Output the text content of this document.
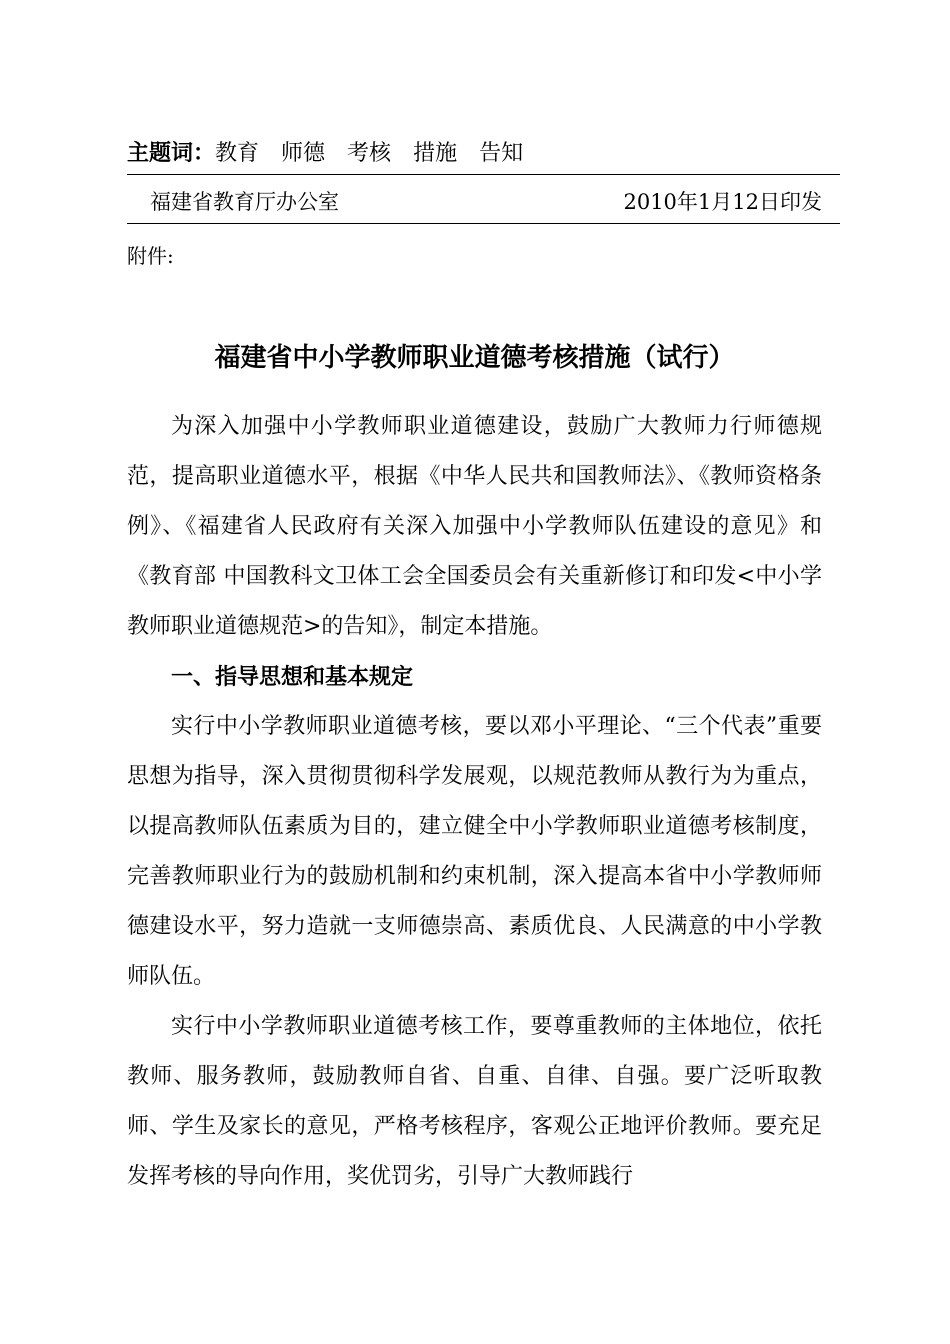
主题词：教育 师德 考核 措施 告知
福建省教育厅办公室	2010年1月12日印发
附件:
福建省中小学教师职业道德考核措施（试行）

为深入加强中小学教师职业道德建设，鼓励广大教师力行师德规范，提高职业道德水平，根据《中华人民共和国教师法》、《教师资格条例》、《福建省人民政府有关深入加强中小学教师队伍建设的意见》和《教育部 中国教科文卫体工会全国委员会有关重新修订和印发<中小学教师职业道德规范>的告知》，制定本措施。

一、指导思想和基本规定

实行中小学教师职业道德考核，要以邓小平理论、“三个代表”重要思想为指导，深入贯彻贯彻科学发展观，以规范教师从教行为为重点，以提高教师队伍素质为目的，建立健全中小学教师职业道德考核制度，完善教师职业行为的鼓励机制和约束机制，深入提高本省中小学教师师德建设水平，努力造就一支师德崇高、素质优良、人民满意的中小学教师队伍。

实行中小学教师职业道德考核工作，要尊重教师的主体地位，依托教师、服务教师，鼓励教师自省、自重、自律、自强。要广泛听取教师、学生及家长的意见，严格考核程序，客观公正地评价教师。要充足发挥考核的导向作用，奖优罚劣，引导广大教师践行
